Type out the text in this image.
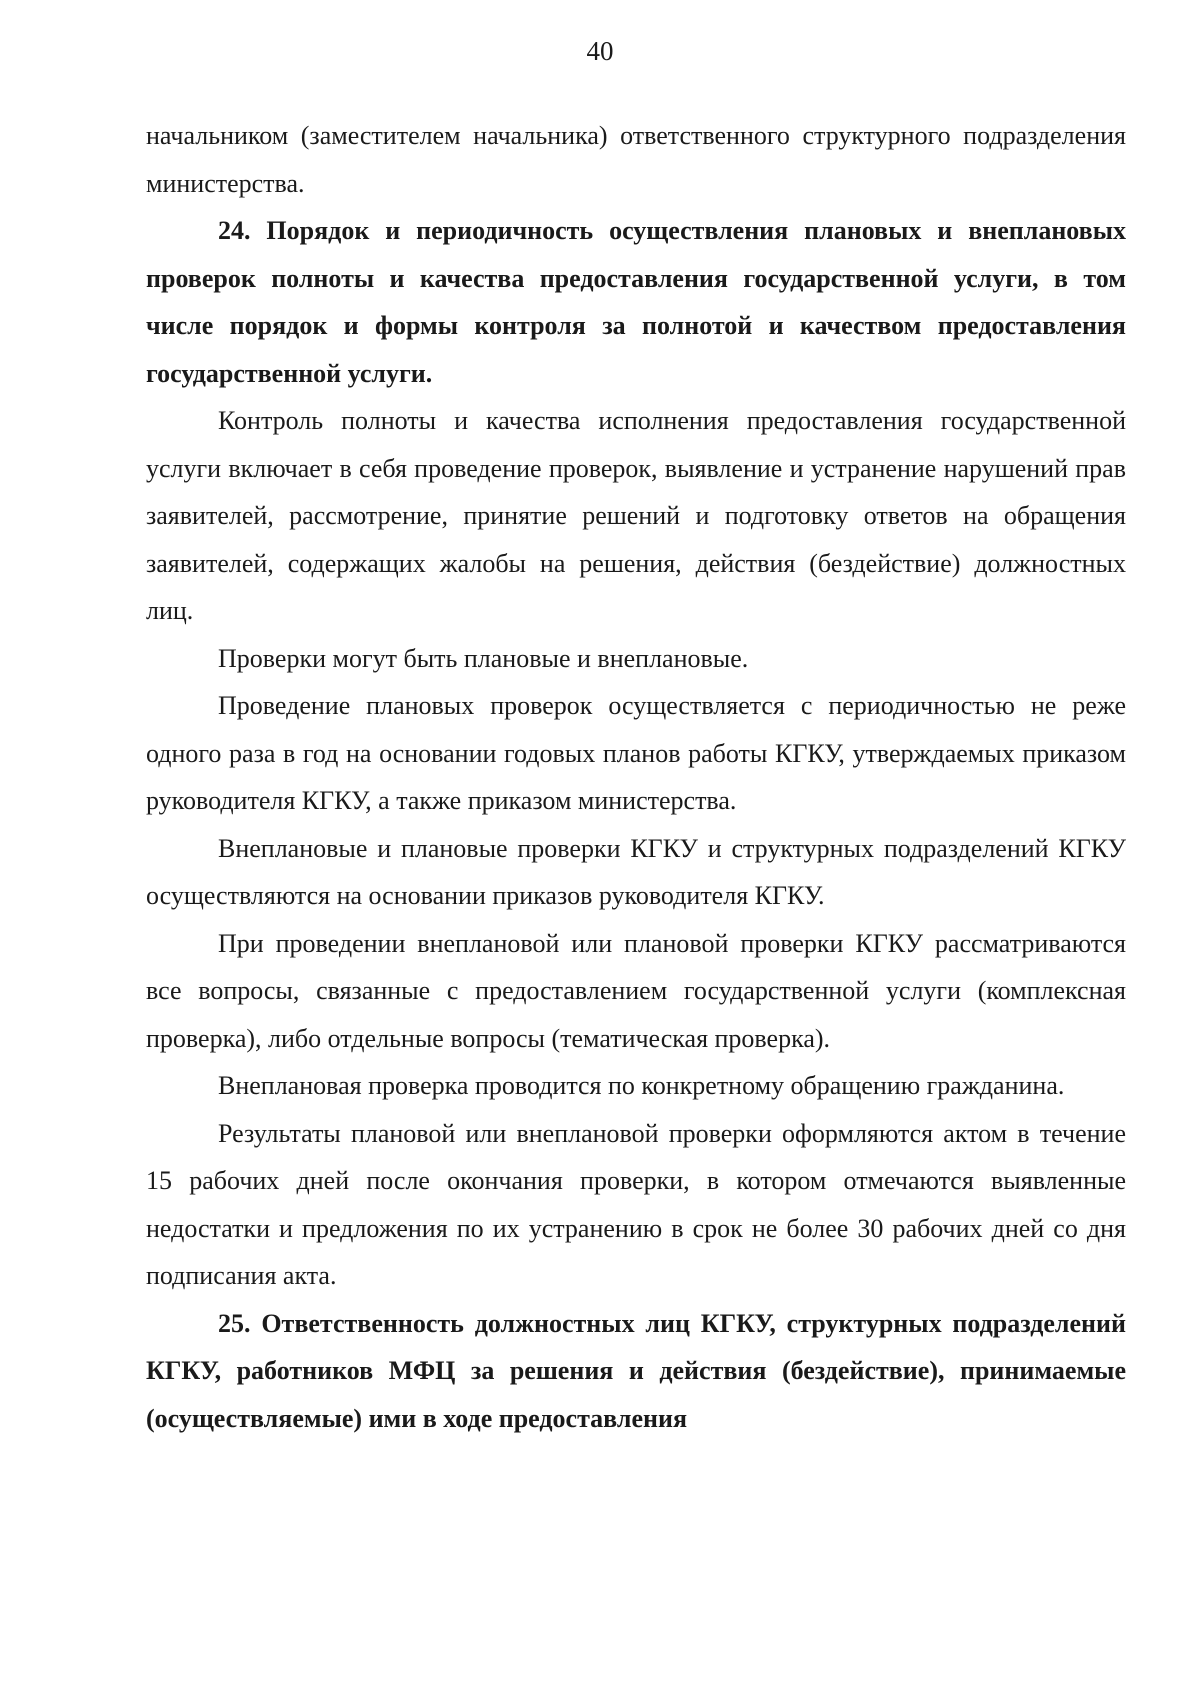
40

начальником (заместителем начальника) ответственного структурного подразделения министерства.

24. Порядок и периодичность осуществления плановых и внеплановых проверок полноты и качества предоставления государственной услуги, в том числе порядок и формы контроля за полнотой и качеством предоставления государственной услуги.

Контроль полноты и качества исполнения предоставления государственной услуги включает в себя проведение проверок, выявление и устранение нарушений прав заявителей, рассмотрение, принятие решений и подготовку ответов на обращения заявителей, содержащих жалобы на решения, действия (бездействие) должностных лиц.

Проверки могут быть плановые и внеплановые.

Проведение плановых проверок осуществляется с периодичностью не реже одного раза в год на основании годовых планов работы КГКУ, утверждаемых приказом руководителя КГКУ, а также приказом министерства.

Внеплановые и плановые проверки КГКУ и структурных подразделений КГКУ осуществляются на основании приказов руководителя КГКУ.

При проведении внеплановой или плановой проверки КГКУ рассматриваются все вопросы, связанные с предоставлением государственной услуги (комплексная проверка), либо отдельные вопросы (тематическая проверка).

Внеплановая проверка проводится по конкретному обращению гражданина.

Результаты плановой или внеплановой проверки оформляются актом в течение 15 рабочих дней после окончания проверки, в котором отмечаются выявленные недостатки и предложения по их устранению в срок не более 30 рабочих дней со дня подписания акта.

25. Ответственность должностных лиц КГКУ, структурных подразделений КГКУ, работников МФЦ за решения и действия (бездействие), принимаемые (осуществляемые) ими в ходе предоставления
